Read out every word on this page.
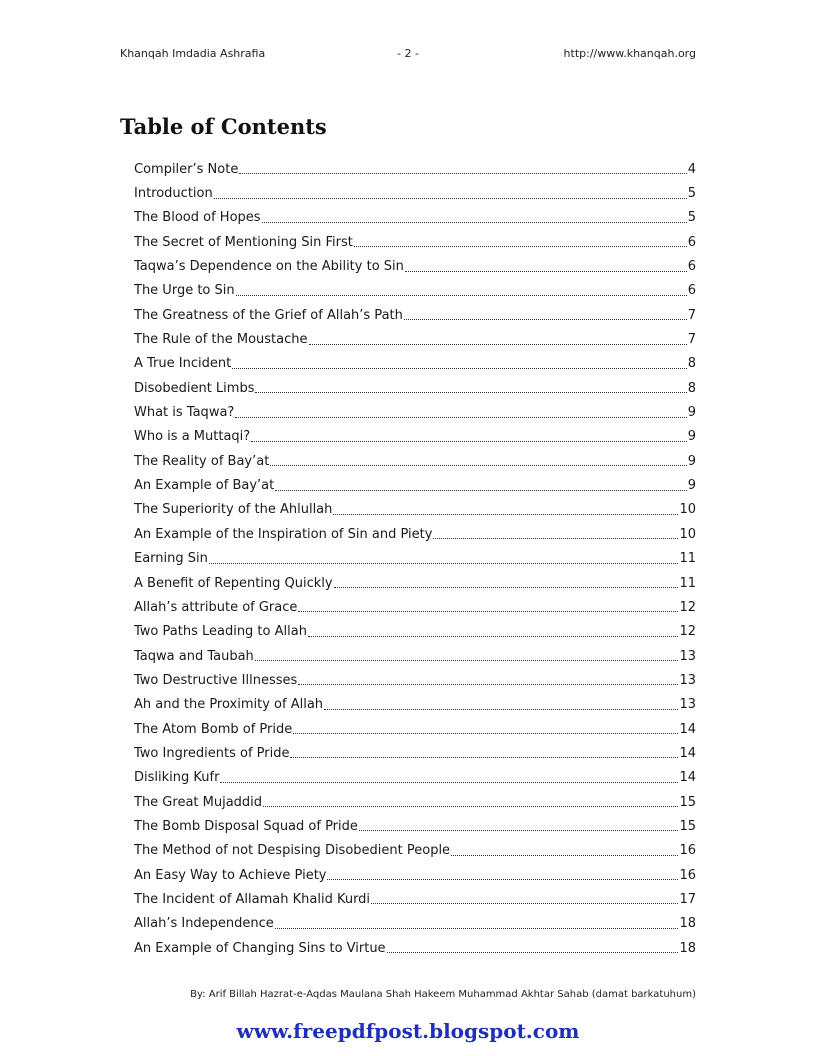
Khanqah Imdadia Ashrafia	- 2 -	http://www.khanqah.org
Table of Contents
Compiler’s Note	4
Introduction	5
The Blood of Hopes	5
The Secret of Mentioning Sin First	6
Taqwa’s Dependence on the Ability to Sin	6
The Urge to Sin	6
The Greatness of the Grief of Allah’s Path	7
The Rule of the Moustache	7
A True Incident	8
Disobedient Limbs	8
What is Taqwa?	9
Who is a Muttaqi?	9
The Reality of Bay’at	9
An Example of Bay’at	9
The Superiority of the Ahlullah	10
An Example of the Inspiration of Sin and Piety	10
Earning Sin	11
A Benefit of Repenting Quickly	11
Allah’s attribute of Grace	12
Two Paths Leading to Allah	12
Taqwa and Taubah	13
Two Destructive Illnesses	13
Ah and the Proximity of Allah	13
The Atom Bomb of Pride	14
Two Ingredients of Pride	14
Disliking Kufr	14
The Great Mujaddid	15
The Bomb Disposal Squad of Pride	15
The Method of not Despising Disobedient People	16
An Easy Way to Achieve Piety	16
The Incident of Allamah Khalid Kurdi	17
Allah’s Independence	18
An Example of Changing Sins to Virtue	18
By: Arif Billah Hazrat-e-Aqdas Maulana Shah Hakeem Muhammad Akhtar Sahab (damat barkatuhum)
www.freepdfpost.blogspot.com
